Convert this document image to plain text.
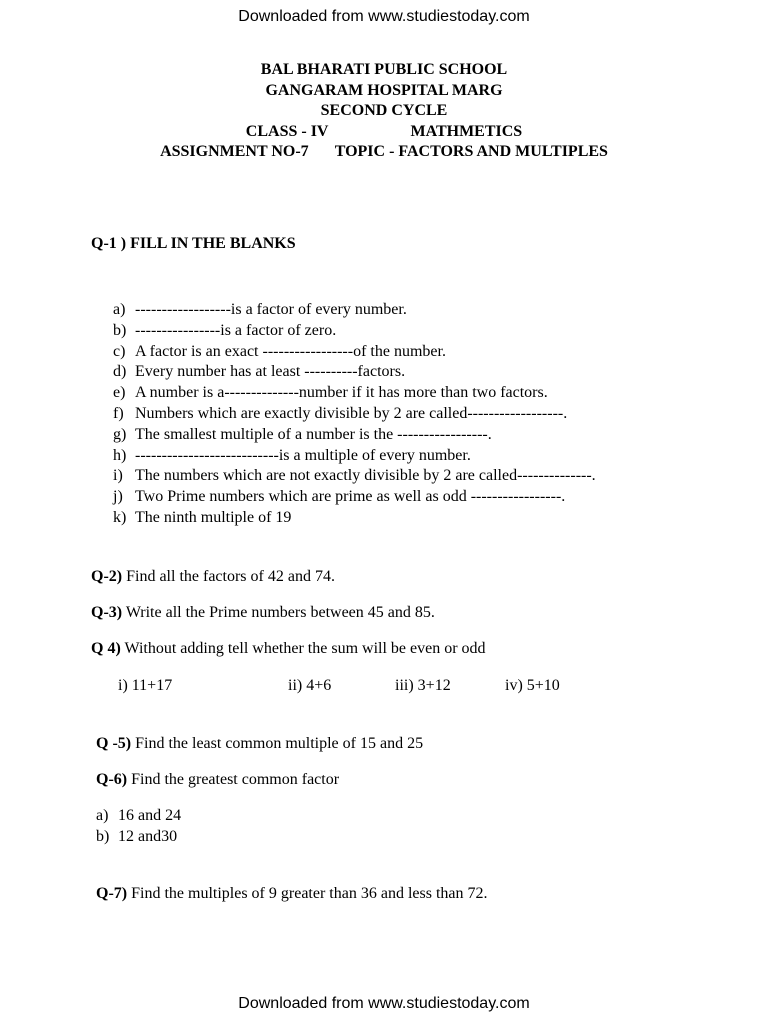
Downloaded from www.studiestoday.com
BAL BHARATI PUBLIC SCHOOL
GANGARAM HOSPITAL MARG
SECOND CYCLE
CLASS - IV	MATHMETICS
ASSIGNMENT NO-7 TOPIC - FACTORS AND MULTIPLES
Q-1 ) FILL IN THE BLANKS
a) ------------------is a factor of every number.
b) ----------------is a factor of zero.
c) A factor is an exact -----------------of the number.
d) Every number has at least ----------factors.
e) A number is a--------------number if it has more than two factors.
f) Numbers which are exactly divisible by 2 are called------------------.
g) The smallest multiple of a number is the -----------------.
h) ---------------------------is a multiple of every number.
i) The numbers which are not exactly divisible by 2 are called--------------.
j) Two Prime numbers which are prime as well as odd -----------------.
k) The ninth multiple of 19
Q-2) Find all the factors of 42 and 74.
Q-3) Write all the Prime numbers between 45 and 85.
Q 4) Without adding tell whether the sum will be even or odd
i) 11+17	ii) 4+6	iii) 3+12	iv) 5+10
Q -5) Find the least common multiple of 15 and 25
Q-6) Find the greatest common factor
a) 16 and 24
b) 12 and30
Q-7) Find the multiples of 9 greater than 36 and less than 72.
Downloaded from www.studiestoday.com
